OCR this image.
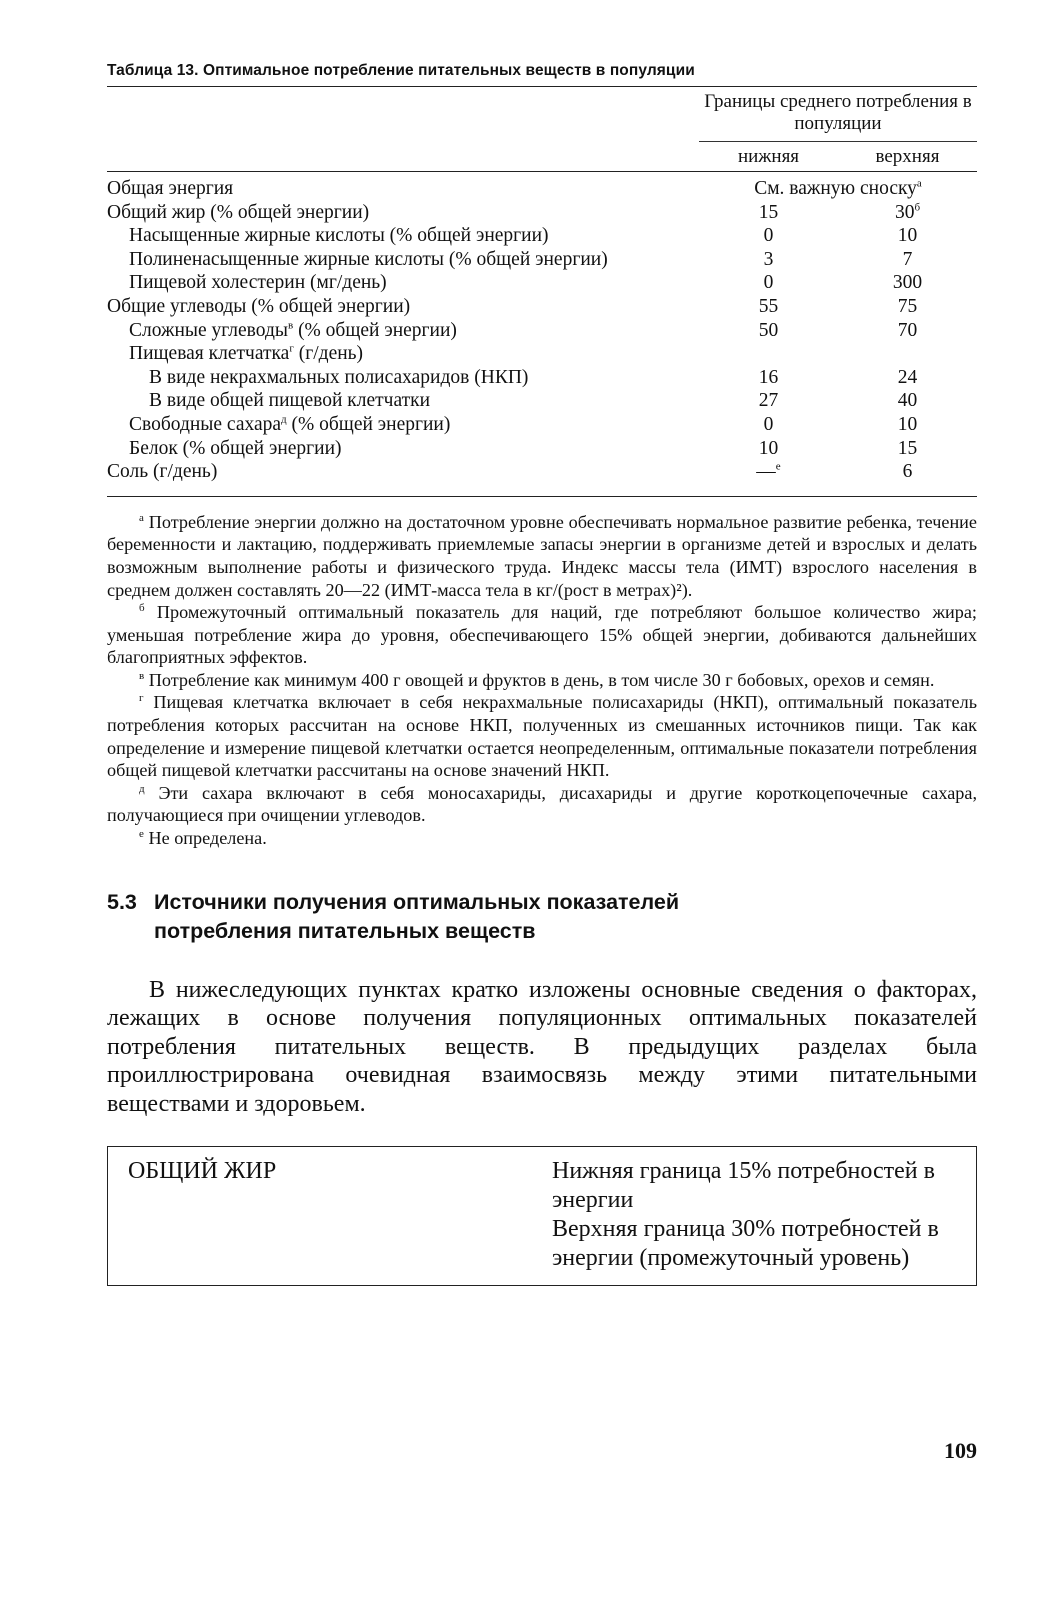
Таблица 13. Оптимальное потребление питательных веществ в популяции
Границы среднего потребления в популяции
нижняя	верхняя
Общая энергия	См. важную сноску$^а$
Общий жир (% общей энергии)	15	$30^б$
Насыщенные жирные кислоты (% общей энергии)	0	10
Полиненасыщенные жирные кислоты (% общей энергии)	3	7
Пищевой холестерин (мг/день)	0	300
Общие углеводы (% общей энергии)	55	75
Сложные углеводы$^в$ (% общей энергии)	50	70
Пищевая клетчатка$^г$ (г/день)
В виде некрахмальных полисахаридов (НКП)	16	24
В виде общей пищевой клетчатки	27	40
Свободные сахара$^д$ (% общей энергии)	0	10
Белок (% общей энергии)	10	15
Соль (г/день)	—$^е$	6

$^а$ Потребление энергии должно на достаточном уровне обеспечивать нормальное развитие ребенка, течение беременности и лактацию, поддерживать приемлемые запасы энергии в организме детей и взрослых и делать возможным выполнение работы и физического труда. Индекс массы тела (ИМТ) взрослого населения в среднем должен составлять 20—22 (ИМТ-масса тела в кг/(рост в метрах)²).

$^б$ Промежуточный оптимальный показатель для наций, где потребляют большое количество жира; уменьшая потребление жира до уровня, обеспечивающего 15% общей энергии, добиваются дальнейших благоприятных эффектов.

$^в$ Потребление как минимум 400 г овощей и фруктов в день, в том числе 30 г бобовых, орехов и семян.

$^г$ Пищевая клетчатка включает в себя некрахмальные полисахариды (НКП), оптимальный показатель потребления которых рассчитан на основе НКП, полученных из смешанных источников пищи. Так как определение и измерение пищевой клетчатки остается неопределенным, оптимальные показатели потребления общей пищевой клетчатки рассчитаны на основе значений НКП.

$^д$ Эти сахара включают в себя моносахариды, дисахариды и другие короткоцепочечные сахара, получающиеся при очищении углеводов.

$^е$ Не определена.

5.3 Источники получения оптимальных показателей
потребления питательных веществ
В нижеследующих пунктах кратко изложены основные сведения о факторах, лежащих в основе получения популяционных оптимальных показателей потребления питательных веществ. В предыдущих разделах была проиллюстрирована очевидная взаимосвязь между этими питательными веществами и здоровьем.
ОБЩИЙ ЖИР	Нижняя граница 15% потребностей в энергии
Верхняя граница 30% потребностей в энергии (промежуточный уровень)
109
